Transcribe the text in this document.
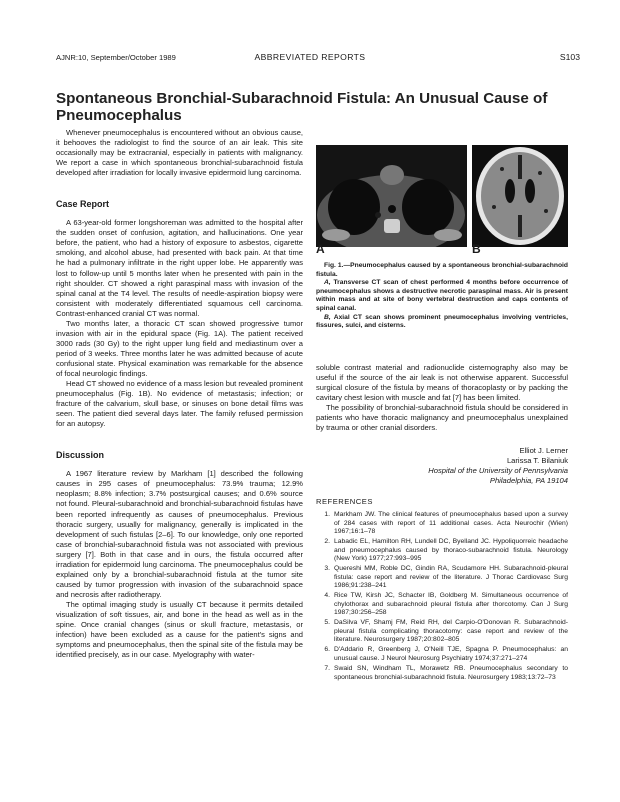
AJNR:10, September/October 1989	ABBREVIATED REPORTS	S103
Spontaneous Bronchial-Subarachnoid Fistula: An Unusual Cause of Pneumocephalus

Whenever pneumocephalus is encountered without an obvious cause, it behooves the radiologist to find the source of an air leak. This site occasionally may be extracranial, especially in patients with malignancy. We report a case in which spontaneous bronchial-subarachnoid fistula developed after irradiation for locally invasive epidermoid lung carcinoma.

Case Report

A 63-year-old former longshoreman was admitted to the hospital after the sudden onset of confusion, agitation, and hallucinations. One year before, the patient, who had a history of exposure to asbestos, cigarette smoking, and alcohol abuse, had presented with back pain. At that time he had a pulmonary infiltrate in the right upper lobe. He apparently was lost to follow-up until 5 months later when he presented with pain in the right shoulder. CT showed a right paraspinal mass with invasion of the spinal canal at the T4 level. The results of needle-aspiration biopsy were consistent with moderately differentiated squamous cell carcinoma. Contrast-enhanced cranial CT was normal.

Two months later, a thoracic CT scan showed progressive tumor invasion with air in the epidural space (Fig. 1A). The patient received 3000 rads (30 Gy) to the right upper lung field and mediastinum over a period of 3 weeks. Three months later he was admitted because of acute confusional state. Physical examination was remarkable for the absence of focal neurologic findings.

Head CT showed no evidence of a mass lesion but revealed prominent pneumocephalus (Fig. 1B). No evidence of metastasis; infection; or fracture of the calvarium, skull base, or sinuses on bone detail films was seen. The patient died several days later. The family refused permission for an autopsy.

Discussion

A 1967 literature review by Markham [1] described the following causes in 295 cases of pneumocephalus: 73.9% trauma; 12.9% neoplasm; 8.8% infection; 3.7% postsurgical causes; and 0.6% source not found. Pleural-subarachnoid and bronchial-subarachnoid fistulas have been reported infrequently as causes of pneumocephalus. Previous thoracic surgery, usually for malignancy, generally is implicated in the development of such fistulas [2–6]. To our knowledge, only one reported case of bronchial-subarachnoid fistula was not associated with previous surgery [7]. Both in that case and in ours, the fistula occurred after irradiation for epidermoid lung carcinoma. The pneumocephalus could be explained only by a bronchial-subarachnoid fistula at the tumor site caused by tumor progression with invasion of the subarachnoid space and necrosis after radiotherapy.

The optimal imaging study is usually CT because it permits detailed visualization of soft tissues, air, and bone in the head as well as in the spine. Once cranial changes (sinus or skull fracture, metastasis, or infection) have been excluded as a cause for the patient's signs and symptoms and pneumocephalus, then the spinal site of the fistula may be identified precisely, as in our case. Myelography with water-

A	B

Fig. 1.—Pneumocephalus caused by a spontaneous bronchial-subarachnoid fistula.

A, Transverse CT scan of chest performed 4 months before occurrence of pneumocephalus shows a destructive necrotic paraspinal mass. Air is present within mass and at site of bony vertebral destruction and caps contents of spinal canal.

B, Axial CT scan shows prominent pneumocephalus involving ventricles, fissures, sulci, and cisterns.

soluble contrast material and radionuclide cisternography also may be useful if the source of the air leak is not otherwise apparent. Successful surgical closure of the fistula by means of thoracoplasty or by packing the cavitary chest lesion with muscle and fat [7] has been limited.

The possibility of bronchial-subarachnoid fistula should be considered in patients who have thoracic malignancy and pneumocephalus unexplained by trauma or other cranial disorders.

Elliot J. Lerner
Larissa T. Bilaniuk
Hospital of the University of Pennsylvania
Philadelphia, PA 19104
REFERENCES
1. Markham JW. The clinical features of pneumocephalus based upon a survey of 284 cases with report of 11 additional cases. Acta Neurochir (Wien) 1967;16:1–78
2. Labadic EL, Hamilton RH, Lundell DC, Byelland JC. Hypoliquorreic headache and pneumocephalus caused by thoraco-subarachnoid fistula. Neurology (New York) 1977;27:993–995
3. Quereshi MM, Roble DC, Gindin RA, Scudamore HH. Subarachnoid-pleural fistula: case report and review of the literature. J Thorac Cardiovasc Surg 1986;91:238–241
4. Rice TW, Kirsh JC, Schacter IB, Goldberg M. Simultaneous occurrence of chylothorax and subarachnoid pleural fistula after thorcotomy. Can J Surg 1987;30:256–258
5. DaSilva VF, Shamj FM, Reid RH, del Carpio-O'Donovan R. Subarachnoid-pleural fistula complicating thoracotomy: case report and review of the literature. Neurosurgery 1987;20:802–805
6. D'Addario R, Greenberg J, O'Neill TJE, Spagna P. Pneumocephalus: an unusual cause. J Neurol Neurosurg Psychiatry 1974;37:271–274
7. Swaid SN, Windham TL, Morawetz RB. Pneumocephalus secondary to spontaneous bronchial-subarachnoid fistula. Neurosurgery 1983;13:72–73
